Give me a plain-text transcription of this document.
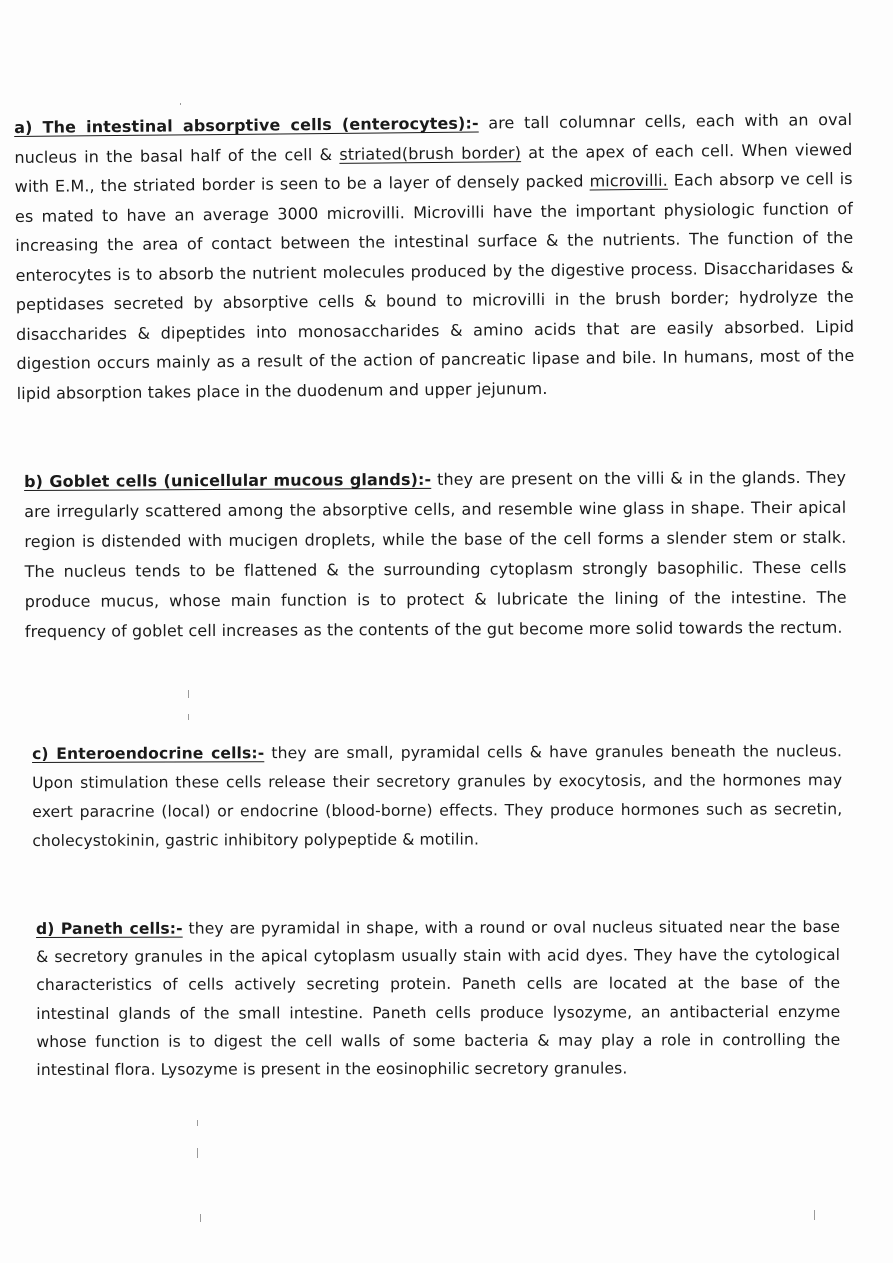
a) The intestinal absorptive cells (enterocytes):- are tall columnar cells, each with an oval nucleus in the basal half of the cell & striated(brush border) at the apex of each cell. When viewed with E.M., the striated border is seen to be a layer of densely packed microvilli. Each absorp ve cell is es mated to have an average 3000 microvilli. Microvilli have the important physiologic function of increasing the area of contact between the intestinal surface & the nutrients. The function of the enterocytes is to absorb the nutrient molecules produced by the digestive process. Disaccharidases & peptidases secreted by absorptive cells & bound to microvilli in the brush border; hydrolyze the disaccharides & dipeptides into monosaccharides & amino acids that are easily absorbed. Lipid digestion occurs mainly as a result of the action of pancreatic lipase and bile. In humans, most of the lipid absorption takes place in the duodenum and upper jejunum.
b) Goblet cells (unicellular mucous glands):- they are present on the villi & in the glands. They are irregularly scattered among the absorptive cells, and resemble wine glass in shape. Their apical region is distended with mucigen droplets, while the base of the cell forms a slender stem or stalk. The nucleus tends to be flattened & the surrounding cytoplasm strongly basophilic. These cells produce mucus, whose main function is to protect & lubricate the lining of the intestine. The frequency of goblet cell increases as the contents of the gut become more solid towards the rectum.
c) Enteroendocrine cells:- they are small, pyramidal cells & have granules beneath the nucleus. Upon stimulation these cells release their secretory granules by exocytosis, and the hormones may exert paracrine (local) or endocrine (blood-borne) effects. They produce hormones such as secretin, cholecystokinin, gastric inhibitory polypeptide & motilin.
d) Paneth cells:- they are pyramidal in shape, with a round or oval nucleus situated near the base & secretory granules in the apical cytoplasm usually stain with acid dyes. They have the cytological characteristics of cells actively secreting protein. Paneth cells are located at the base of the intestinal glands of the small intestine. Paneth cells produce lysozyme, an antibacterial enzyme whose function is to digest the cell walls of some bacteria & may play a role in controlling the intestinal flora. Lysozyme is present in the eosinophilic secretory granules.
